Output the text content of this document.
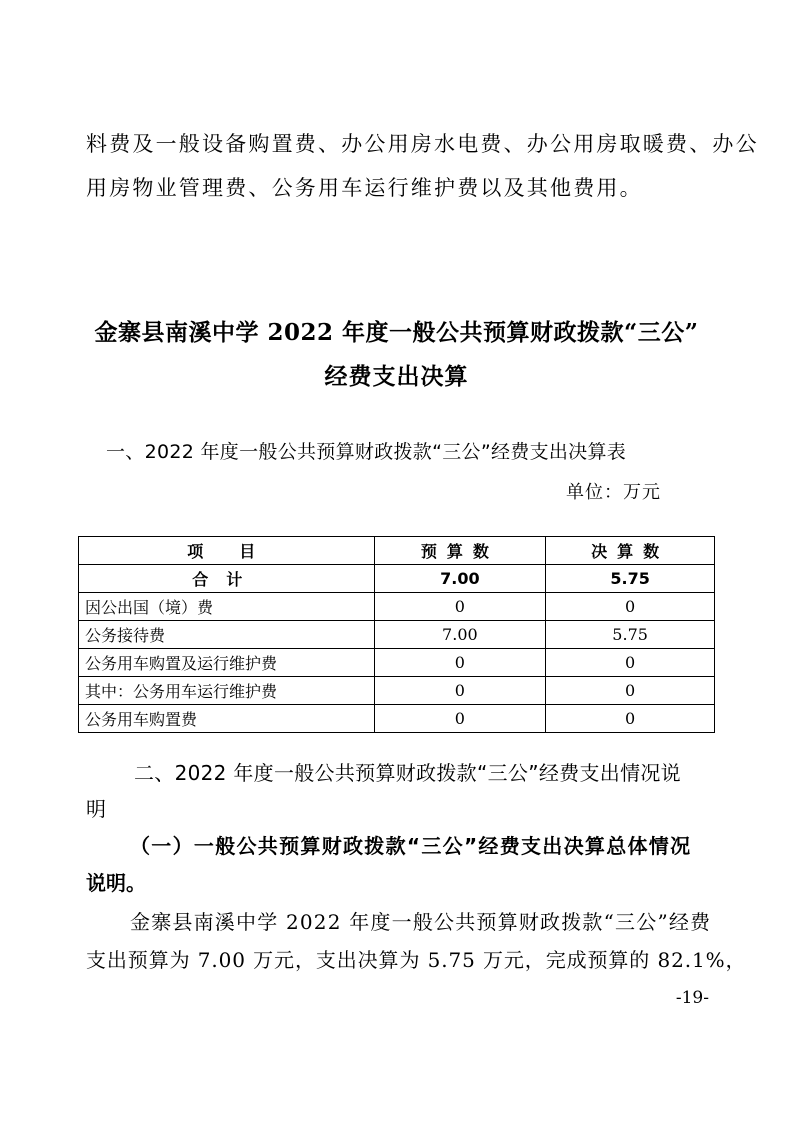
料费及一般设备购置费、办公用房水电费、办公用房取暖费、办公
用房物业管理费、公务用车运行维护费以及其他费用。
金寨县南溪中学 2022 年度一般公共预算财政拨款“三公”
经费支出决算
一、2022 年度一般公共预算财政拨款“三公”经费支出决算表
单位：万元
项　目	预算数	决算数
合计	7.00	5.75
因公出国（境）费	0	0
公务接待费	7.00	5.75
公务用车购置及运行维护费	0	0
其中：公务用车运行维护费	0	0
公务用车购置费	0	0
二、2022 年度一般公共预算财政拨款“三公”经费支出情况说
明
（一）一般公共预算财政拨款“三公”经费支出决算总体情况
说明。
金寨县南溪中学 2022 年度一般公共预算财政拨款“三公”经费
支出预算为 7.00 万元，支出决算为 5.75 万元，完成预算的 82.1%，
-19-
